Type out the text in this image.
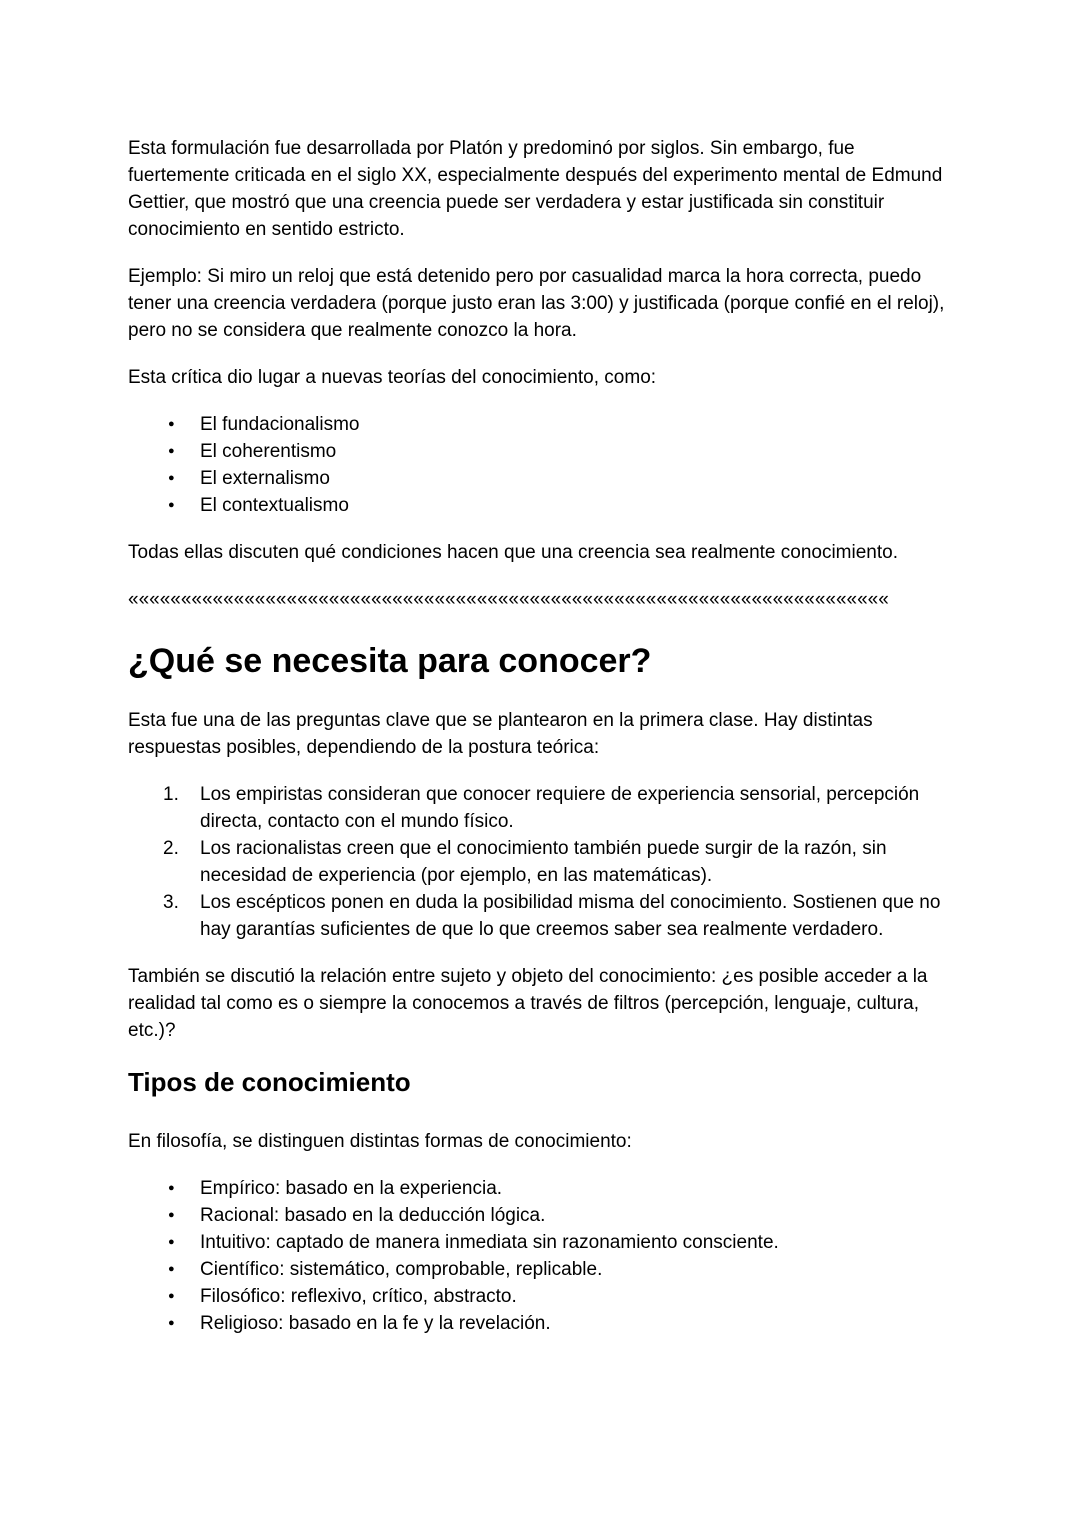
Esta formulación fue desarrollada por Platón y predominó por siglos. Sin embargo, fue fuertemente criticada en el siglo XX, especialmente después del experimento mental de Edmund Gettier, que mostró que una creencia puede ser verdadera y estar justificada sin constituir conocimiento en sentido estricto.

Ejemplo: Si miro un reloj que está detenido pero por casualidad marca la hora correcta, puedo tener una creencia verdadera (porque justo eran las 3:00) y justificada (porque confié en el reloj), pero no se considera que realmente conozco la hora.

Esta crítica dio lugar a nuevas teorías del conocimiento, como:

● El fundacionalismo
● El coherentismo
● El externalismo
● El contextualismo

Todas ellas discuten qué condiciones hacen que una creencia sea realmente conocimiento.

««««««««««««««««««««««««««««««««««««««««««««««««««««««««««««««««««««««««

¿Qué se necesita para conocer?

Esta fue una de las preguntas clave que se plantearon en la primera clase. Hay distintas respuestas posibles, dependiendo de la postura teórica:

Los empiristas consideran que conocer requiere de experiencia sensorial, percepción directa, contacto con el mundo físico.
Los racionalistas creen que el conocimiento también puede surgir de la razón, sin necesidad de experiencia (por ejemplo, en las matemáticas).
Los escépticos ponen en duda la posibilidad misma del conocimiento. Sostienen que no hay garantías suficientes de que lo que creemos saber sea realmente verdadero.

También se discutió la relación entre sujeto y objeto del conocimiento: ¿es posible acceder a la realidad tal como es o siempre la conocemos a través de filtros (percepción, lenguaje, cultura, etc.)?

Tipos de conocimiento

En filosofía, se distinguen distintas formas de conocimiento:

● Empírico: basado en la experiencia.
● Racional: basado en la deducción lógica.
● Intuitivo: captado de manera inmediata sin razonamiento consciente.
● Científico: sistemático, comprobable, replicable.
● Filosófico: reflexivo, crítico, abstracto.
● Religioso: basado en la fe y la revelación.
